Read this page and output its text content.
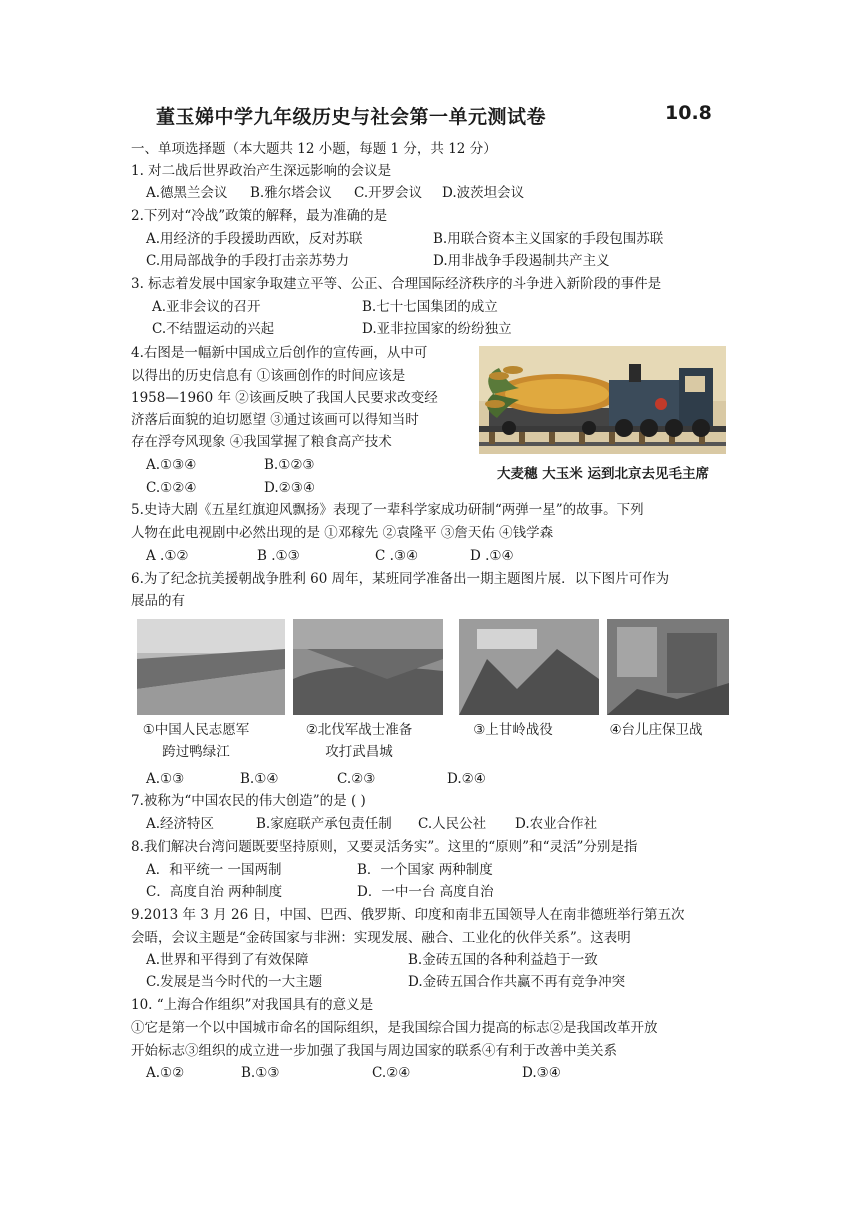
董玉娣中学九年级历史与社会第一单元测试卷	10.8
一、单项选择题（本大题共 12 小题，每题 1 分，共 12 分）
1. 对二战后世界政治产生深远影响的会议是
A.德黑兰会议 B.雅尔塔会议 C.开罗会议 D.波茨坦会议
2.下列对“冷战”政策的解释，最为准确的是
A.用经济的手段援助西欧，反对苏联	B.用联合资本主义国家的手段包围苏联
C.用局部战争的手段打击亲苏势力	D.用非战争手段遏制共产主义
3. 标志着发展中国家争取建立平等、公正、合理国际经济秩序的斗争进入新阶段的事件是
A.亚非会议的召开	B.七十七国集团的成立
C.不结盟运动的兴起	D.亚非拉国家的纷纷独立
4.右图是一幅新中国成立后创作的宣传画，从中可
以得出的历史信息有 ①该画创作的时间应该是
1958—1960 年 ②该画反映了我国人民要求改变经
济落后面貌的迫切愿望 ③通过该画可以得知当时
存在浮夸风现象 ④我国掌握了粮食高产技术
A.①③④	B.①②③
C.①②④	D.②③④
大麦穗 大玉米 运到北京去见毛主席
5.史诗大剧《五星红旗迎风飘扬》表现了一辈科学家成功研制“两弹一星”的故事。下列
人物在此电视剧中必然出现的是 ①邓稼先 ②袁隆平 ③詹天佑 ④钱学森
A .①②	B .①③	C .③④	D .①④
6.为了纪念抗美援朝战争胜利 60 周年，某班同学准备出一期主题图片展．以下图片可作为
展品的有
①中国人民志愿军
跨过鸭绿江
②北伐军战士准备
攻打武昌城
③上甘岭战役	④台儿庄保卫战
A.①③	B.①④	C.②③	D.②④
7.被称为“中国农民的伟大创造”的是 ( )
A.经济特区	B.家庭联产承包责任制 C.人民公社 D.农业合作社
8.我们解决台湾问题既要坚持原则，又要灵活务实”。这里的“原则”和“灵活”分别是指
A．和平统一 一国两制	B．一个国家 两种制度
C．高度自治 两种制度	D．一中一台 高度自治
9.2013 年 3 月 26 日，中国、巴西、俄罗斯、印度和南非五国领导人在南非德班举行第五次
会晤，会议主题是“金砖国家与非洲：实现发展、融合、工业化的伙伴关系”。这表明
A.世界和平得到了有效保障	B.金砖五国的各种利益趋于一致
C.发展是当今时代的一大主题	D.金砖五国合作共赢不再有竞争冲突
10. “上海合作组织”对我国具有的意义是
①它是第一个以中国城市命名的国际组织，是我国综合国力提高的标志②是我国改革开放
开始标志③组织的成立进一步加强了我国与周边国家的联系④有利于改善中美关系
A.①②	B.①③	C.②④	D.③④
